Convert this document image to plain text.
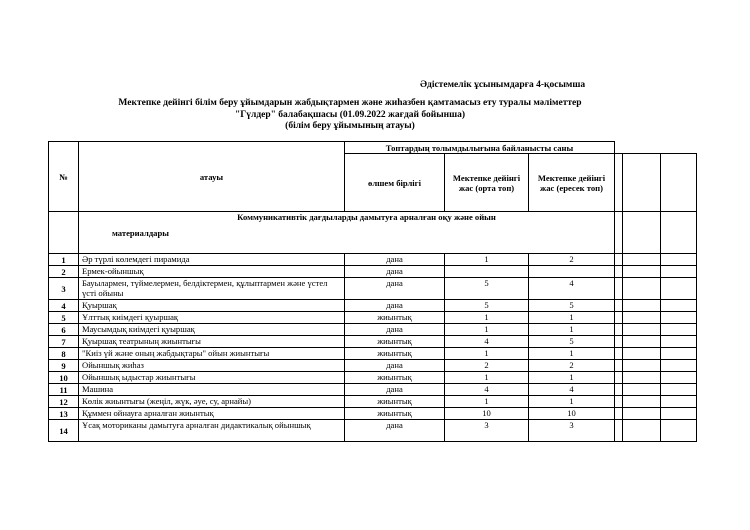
Әдістемелік ұсынымдарға 4-қосымша
Мектепке дейінгі білім беру ұйымдарын жабдықтармен және жиһазбен қамтамасыз ету туралы мәліметтер
"Гүлдер" балабақшасы (01.09.2022 жағдай бойынша)
(білім беру ұйымының атауы)
№	атауы	Топтардың толымдылығына байланысты саны					
		өлшем бірлігі	Мектепке дейінгі жас (орта топ)	Мектепке дейінгі жас (ересек топ)			

	Коммуникативтік дағдыларды дамытуға арналған оқу және ойын
материалдары						

1	Әр түрлі көлемдегі пирамида	дана	1	2			
2	Ермек-ойыншық	дана					
3	Бауылармен, түймелермен, белдіктермен, құлыптармен және үстел үсті ойыны	дана	5	4			
4	Қуыршақ	дана	5	5			
5	Ұлттық киімдегі қуыршақ	жиынтық	1	1			
6	Маусымдық киімдегі қуыршақ	дана	1	1			
7	Қуыршақ театрының жиынтығы	жиынтық	4	5			
8	"Киіз үй және оның жабдықтары" ойын жиынтығы	жиынтық	1	1			
9	Ойыншық жиһаз	дана	2	2			
10	Ойыншық ыдыстар жиынтығы	жиынтық	1	1			
11	Машина	дана	4	4			
12	Көлік жиынтығы (жеңіл, жүк, әуе, су, арнайы)	жиынтық	1	1			
13	Құммен ойнауға арналған жиынтық	жиынтық	10	10			
14	Ұсақ моториканы дамытуға арналған дидактикалық ойыншық	дана	3	3			
